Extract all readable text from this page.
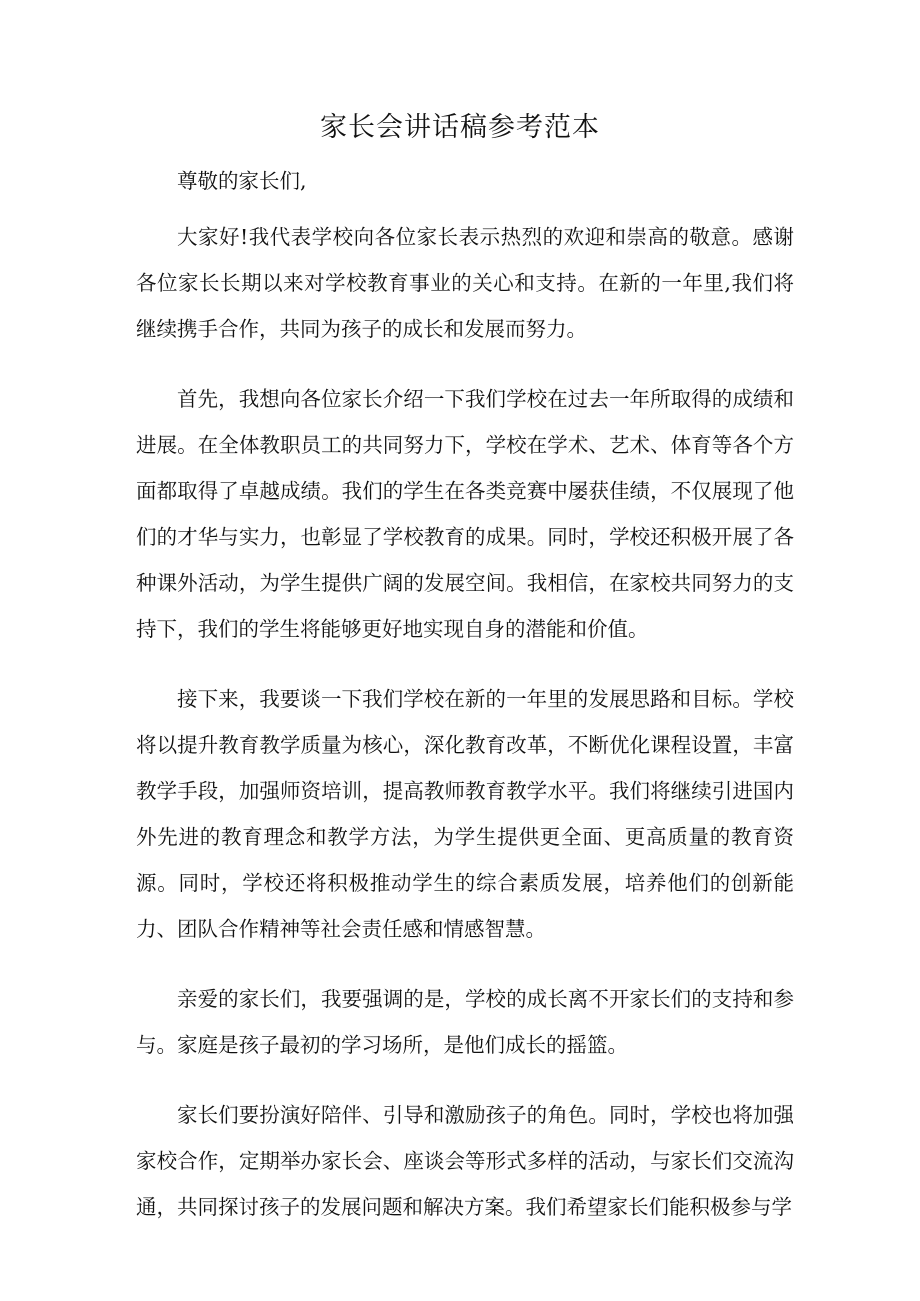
家长会讲话稿参考范本

尊敬的家长们,

大家好!我代表学校向各位家长表示热烈的欢迎和崇高的敬意。感谢各位家长长期以来对学校教育事业的关心和支持。在新的一年里,我们将继续携手合作，共同为孩子的成长和发展而努力。

首先，我想向各位家长介绍一下我们学校在过去一年所取得的成绩和进展。在全体教职员工的共同努力下，学校在学术、艺术、体育等各个方面都取得了卓越成绩。我们的学生在各类竞赛中屡获佳绩，不仅展现了他们的才华与实力，也彰显了学校教育的成果。同时，学校还积极开展了各种课外活动，为学生提供广阔的发展空间。我相信，在家校共同努力的支持下，我们的学生将能够更好地实现自身的潜能和价值。

接下来，我要谈一下我们学校在新的一年里的发展思路和目标。学校将以提升教育教学质量为核心，深化教育改革，不断优化课程设置，丰富教学手段，加强师资培训，提高教师教育教学水平。我们将继续引进国内外先进的教育理念和教学方法，为学生提供更全面、更高质量的教育资源。同时，学校还将积极推动学生的综合素质发展，培养他们的创新能力、团队合作精神等社会责任感和情感智慧。

亲爱的家长们，我要强调的是，学校的成长离不开家长们的支持和参与。家庭是孩子最初的学习场所，是他们成长的摇篮。

家长们要扮演好陪伴、引导和激励孩子的角色。同时，学校也将加强家校合作，定期举办家长会、座谈会等形式多样的活动，与家长们交流沟通，共同探讨孩子的发展问题和解决方案。我们希望家长们能积极参与学
